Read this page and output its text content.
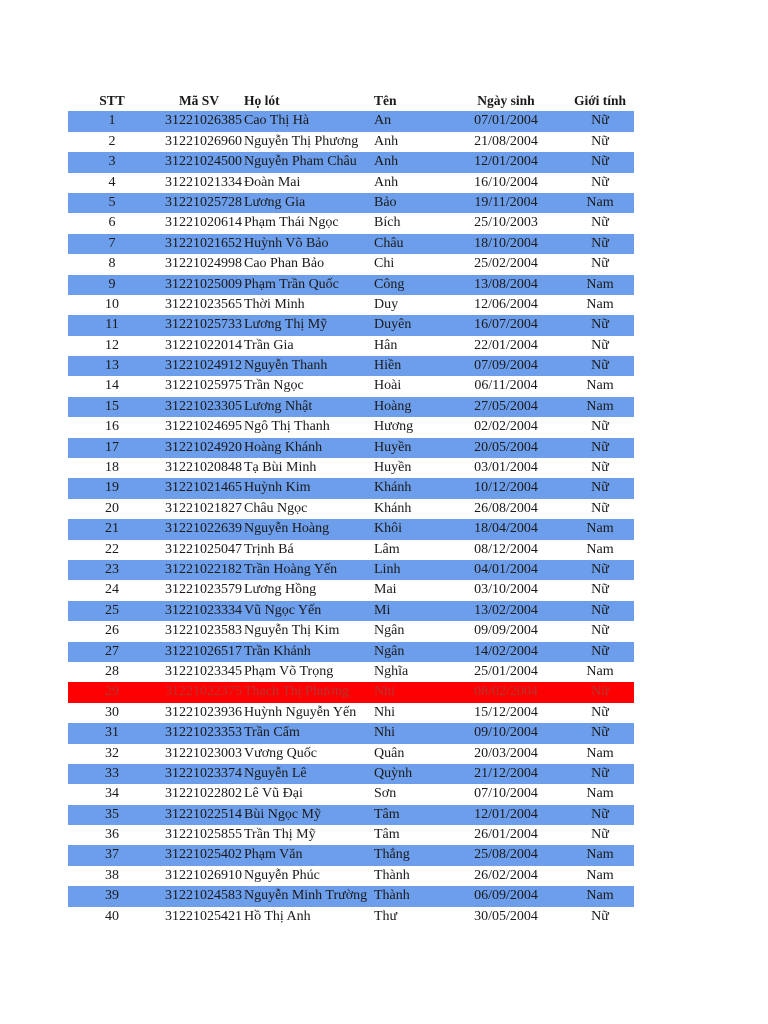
STT	Mã SV	Họ lót	Tên	Ngày sinh	Giới tính
1	31221026385 Cao Thị Hà	An	07/01/2004	Nữ
2	31221026960 Nguyễn Thị Phương	Anh	21/08/2004	Nữ
3	31221024500 Nguyễn Pham Châu	Anh	12/01/2004	Nữ
4	31221021334 Đoàn Mai	Anh	16/10/2004	Nữ
5	31221025728 Lương Gia	Bảo	19/11/2004	Nam
6	31221020614 Phạm Thái Ngọc	Bích	25/10/2003	Nữ
7	31221021652 Huỳnh Võ Bảo	Châu	18/10/2004	Nữ
8	31221024998 Cao Phan Bảo	Chi	25/02/2004	Nữ
9	31221025009 Phạm Trần Quốc	Công	13/08/2004	Nam
10	31221023565 Thời Minh	Duy	12/06/2004	Nam
11	31221025733 Lương Thị Mỹ	Duyên	16/07/2004	Nữ
12	31221022014 Trần Gia	Hân	22/01/2004	Nữ
13	31221024912 Nguyễn Thanh	Hiền	07/09/2004	Nữ
14	31221025975 Trần Ngọc	Hoài	06/11/2004	Nam
15	31221023305 Lương Nhật	Hoàng	27/05/2004	Nam
16	31221024695 Ngô Thị Thanh	Hương	02/02/2004	Nữ
17	31221024920 Hoàng Khánh	Huyền	20/05/2004	Nữ
18	31221020848 Tạ Bùi Minh	Huyền	03/01/2004	Nữ
19	31221021465 Huỳnh Kim	Khánh	10/12/2004	Nữ
20	31221021827 Châu Ngọc	Khánh	26/08/2004	Nữ
21	31221022639 Nguyễn Hoàng	Khôi	18/04/2004	Nam
22	31221025047 Trịnh Bá	Lâm	08/12/2004	Nam
23	31221022182 Trần Hoàng Yến	Linh	04/01/2004	Nữ
24	31221023579 Lương Hồng	Mai	03/10/2004	Nữ
25	31221023334 Vũ Ngọc Yến	Mi	13/02/2004	Nữ
26	31221023583 Nguyễn Thị Kim	Ngân	09/09/2004	Nữ
27	31221026517 Trần Khánh	Ngân	14/02/2004	Nữ
28	31221023345 Phạm Võ Trọng	Nghĩa	25/01/2004	Nam
29	31221022375 Thạch Thị Phương	Nhi	08/02/2004	Nữ
30	31221023936 Huỳnh Nguyễn Yến	Nhi	15/12/2004	Nữ
31	31221023353 Trần Cẩm	Nhi	09/10/2004	Nữ
32	31221023003 Vương Quốc	Quân	20/03/2004	Nam
33	31221023374 Nguyễn Lê	Quỳnh	21/12/2004	Nữ
34	31221022802 Lê Vũ Đại	Sơn	07/10/2004	Nam
35	31221022514 Bùi Ngọc Mỹ	Tâm	12/01/2004	Nữ
36	31221025855 Trần Thị Mỹ	Tâm	26/01/2004	Nữ
37	31221025402 Phạm Văn	Thắng	25/08/2004	Nam
38	31221026910 Nguyễn Phúc	Thành	26/02/2004	Nam
39	31221024583 Nguyễn Minh Trường Thành	06/09/2004	Nam
40	31221025421 Hồ Thị Anh	Thư	30/05/2004	Nữ
